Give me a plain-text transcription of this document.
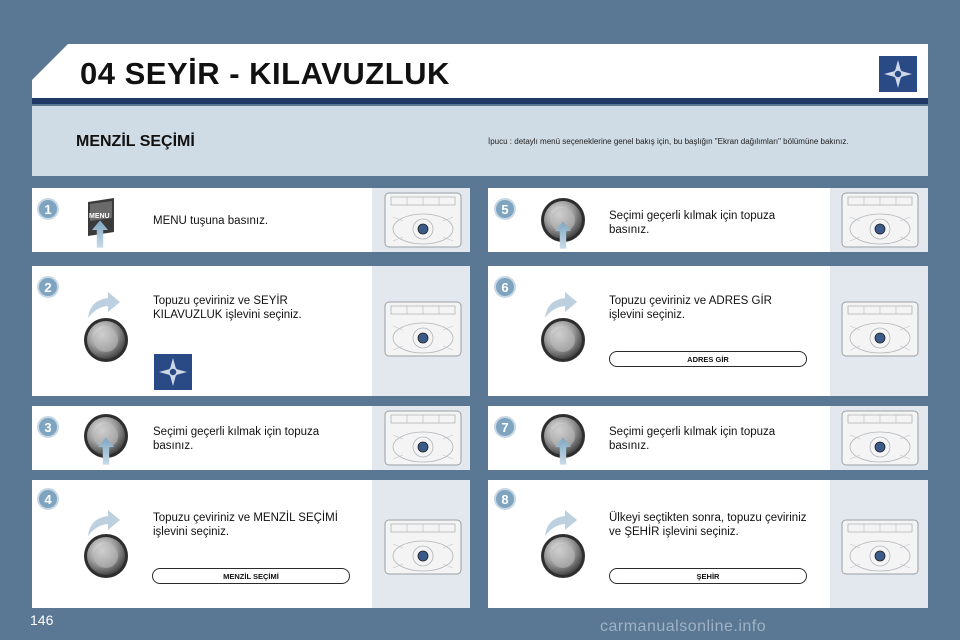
04 SEYİR - KILAVUZLUK
MENZİL SEÇİMİ	İpucu : detaylı menü seçeneklerine genel bakış için, bu başlığın "Ekran dağılımları" bölümüne bakınız.
1	MENU	MENU tuşuna basınız.
2
Topuzu çeviriniz ve SEYİR KILAVUZLUK işlevini seçiniz.
3	Seçimi geçerli kılmak için topuza basınız.
4
Topuzu çeviriniz ve MENZİL SEÇİMİ işlevini seçiniz.
MENZİL SEÇİMİ
5	Seçimi geçerli kılmak için topuza basınız.
6
Topuzu çeviriniz ve ADRES GİR işlevini seçiniz.
ADRES GİR
7	Seçimi geçerli kılmak için topuza basınız.
8
Ülkeyi seçtikten sonra, topuzu çeviriniz ve ŞEHİR işlevini seçiniz.
ŞEHİR
146	carmanualsonline.info
